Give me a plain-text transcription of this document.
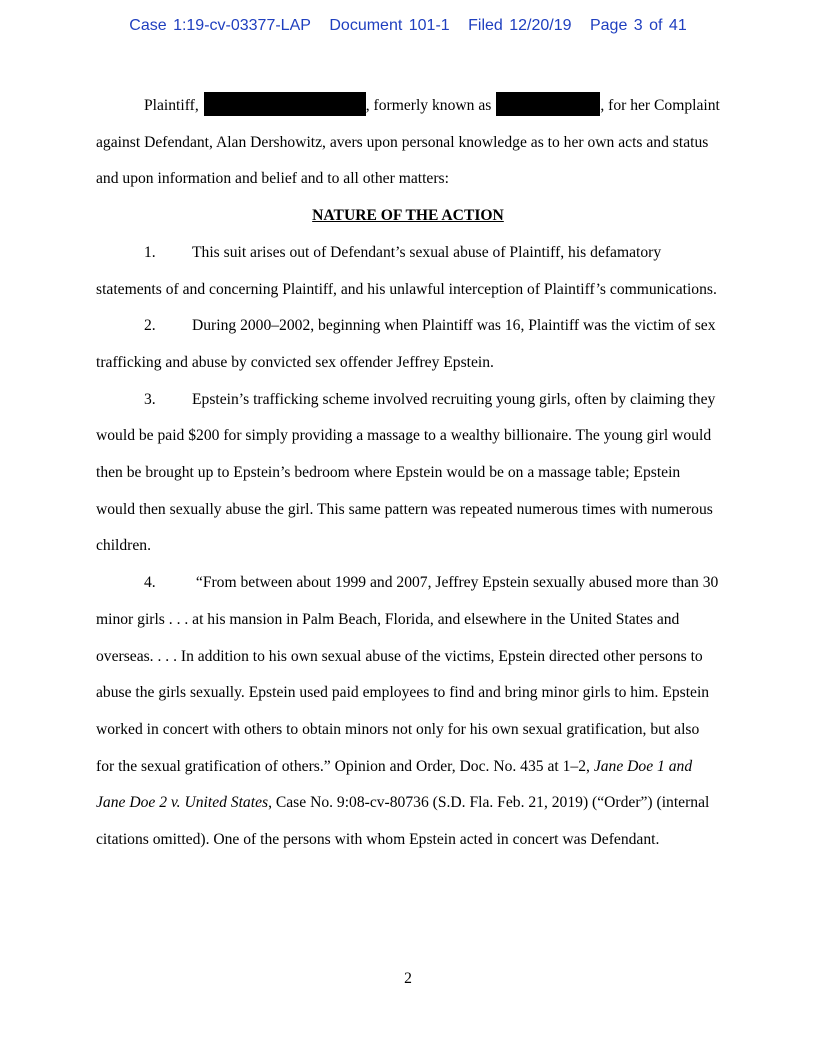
Case 1:19-cv-03377-LAP Document 101-1 Filed 12/20/19 Page 3 of 41

Plaintiff,	, formerly known as	, for her Complaint against Defendant, Alan Dershowitz, avers upon personal knowledge as to her own acts and status and upon information and belief and to all other matters:

NATURE OF THE ACTION

1. This suit arises out of Defendant’s sexual abuse of Plaintiff, his defamatory statements of and concerning Plaintiff, and his unlawful interception of Plaintiff’s communications.

2. During 2000–2002, beginning when Plaintiff was 16, Plaintiff was the victim of sex trafficking and abuse by convicted sex offender Jeffrey Epstein.

3. Epstein’s trafficking scheme involved recruiting young girls, often by claiming they would be paid $200 for simply providing a massage to a wealthy billionaire. The young girl would then be brought up to Epstein’s bedroom where Epstein would be on a massage table; Epstein would then sexually abuse the girl. This same pattern was repeated numerous times with numerous children.

4. “From between about 1999 and 2007, Jeffrey Epstein sexually abused more than 30 minor girls . . . at his mansion in Palm Beach, Florida, and elsewhere in the United States and overseas. . . . In addition to his own sexual abuse of the victims, Epstein directed other persons to abuse the girls sexually. Epstein used paid employees to find and bring minor girls to him. Epstein worked in concert with others to obtain minors not only for his own sexual gratification, but also for the sexual gratification of others.” Opinion and Order, Doc. No. 435 at 1–2, Jane Doe 1 and Jane Doe 2 v. United States, Case No. 9:08-cv-80736 (S.D. Fla. Feb. 21, 2019) (“Order”) (internal citations omitted). One of the persons with whom Epstein acted in concert was Defendant.

2
